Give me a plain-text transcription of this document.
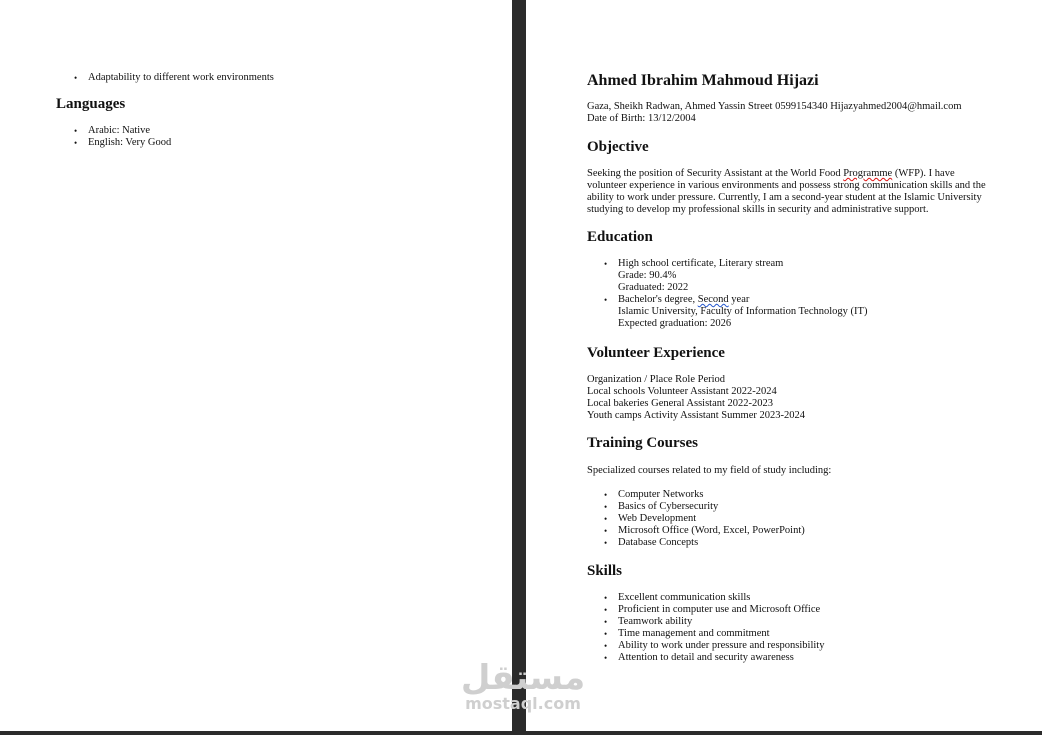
• Adaptability to different work environments
Languages
• Arabic: Native
• English: Very Good
Ahmed Ibrahim Mahmoud Hijazi
Gaza, Sheikh Radwan, Ahmed Yassin Street 0599154340 Hijazyahmed2004@hmail.com
Date of Birth: 13/12/2004
Objective
Seeking the position of Security Assistant at the World Food Programme (WFP). I have volunteer experience in various environments and possess strong communication skills and the ability to work under pressure. Currently, I am a second-year student at the Islamic University studying to develop my professional skills in security and administrative support.
Education
• High school certificate, Literary stream
Grade: 90.4%
Graduated: 2022
• Bachelor's degree, Second year
Islamic University, Faculty of Information Technology (IT)
Expected graduation: 2026
Volunteer Experience
Organization / Place Role Period
Local schools Volunteer Assistant 2022-2024
Local bakeries General Assistant 2022-2023
Youth camps Activity Assistant Summer 2023-2024
Training Courses
Specialized courses related to my field of study including:
• Computer Networks
• Basics of Cybersecurity
• Web Development
• Microsoft Office (Word, Excel, PowerPoint)
• Database Concepts
Skills
• Excellent communication skills
• Proficient in computer use and Microsoft Office
• Teamwork ability
• Time management and commitment
• Ability to work under pressure and responsibility
• Attention to detail and security awareness
مستقل
mostaql.com
